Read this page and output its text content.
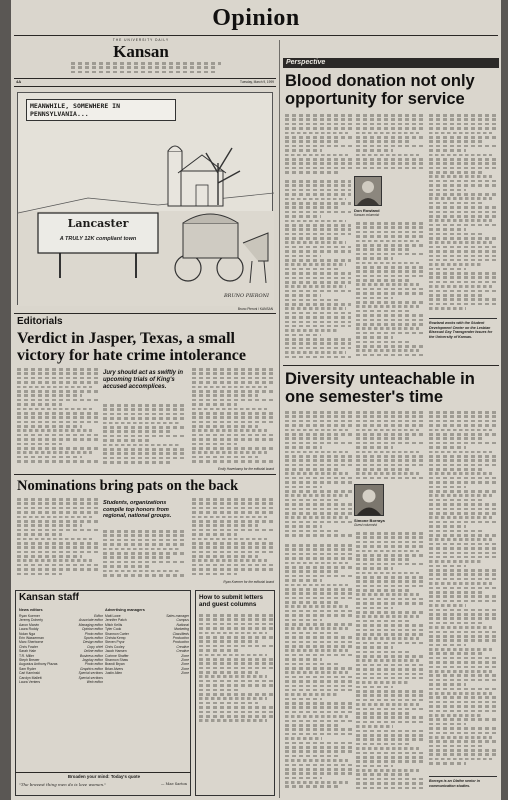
Opinion
Kansan
THE UNIVERSITY DAILY
4A	Tuesday, March 9, 1999
MEANWHILE, SOMEWHERE IN PENNSYLVANIA...
Lancaster
A TRULY 12K compliant town
BRUNO PIERONI
Bruno Pieroni / KANSAN
Editorials
Verdict in Jasper, Texas, a small victory for hate crime intolerance
Jury should act as swiftly in upcoming trials of King's accused accomplices.
Emily Haverkamp for the editorial board
Nominations bring pats on the back
Students, organizations compile top honors from regional, national groups.
Ryan Koerner for the editorial board
Kansan staff
News editors	Advertising managers
Ryan Koerner	Editor
Jeremy Doherty	Associate editor
Aaron Marvin	Managing editor
Laura Roddy	Opinion editor
Nolan Nga	Photo editor
Erin Wasserman	Sports editor
Marc Sherborne	Design editor
Chris Fowler	Copy chief
Sarah Hale	Online editor
T.R. Miller	Business editor
Steph Brewer	Jayplay editor
Augustus Anthony Plazas	Photo editor
Sam Ryder	Graphics editor
Carl Kaminski	Special sections
Carolyn Mallett	Special sections
Laura Venters	Web editor
Matt Lowe	Sales manager
Jennifer Patch	Campus
Mitch Kellis	National
Tyler Cook	Marketing
Shannon Carter	Classifieds
Christa Kemp	Production
Steven Pryor	Production
Chris Cooley	Creative
Jacob Hansen	Creative
Corinne Shaffer	Zone
Shannon Shaw	Zone
Brandi Bryan	Zone
Brian Alvers	Zone
Justin Allen	Zone
Broaden your mind: Today's quote
"The bravest thing men do is love women."	— Mae Sarton
How to submit letters and guest columns
Perspective
Blood donation not only opportunity for service
Don Rowland
Kansan columnist
Rowland works with the Student Development Center on the Lesbian Bisexual Gay Transgender Issues for the University of Kansas.
Diversity unteachable in one semester's time
Simone Borraya
Guest columnist
Borraya is an Olathe senior in communication studies.
